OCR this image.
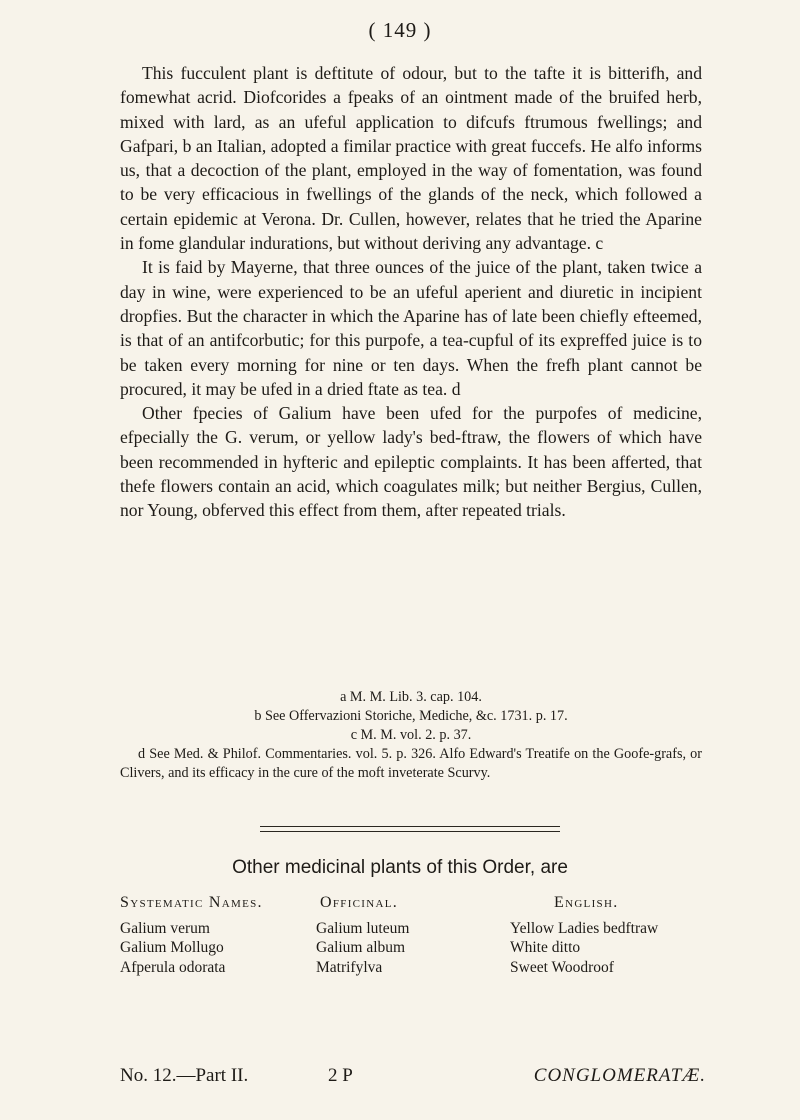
( 149 )

This fucculent plant is deftitute of odour, but to the tafte it is bitterifh, and fomewhat acrid. Diofcorides a fpeaks of an ointment made of the bruifed herb, mixed with lard, as an ufeful application to difcufs ftrumous fwellings; and Gafpari, b an Italian, adopted a fimilar practice with great fuccefs. He alfo informs us, that a decoction of the plant, employed in the way of fomentation, was found to be very efficacious in fwellings of the glands of the neck, which followed a certain epidemic at Verona. Dr. Cullen, however, relates that he tried the Aparine in fome glandular indurations, but without deriving any advantage. c

It is faid by Mayerne, that three ounces of the juice of the plant, taken twice a day in wine, were experienced to be an ufeful aperient and diuretic in incipient dropfies. But the character in which the Aparine has of late been chiefly efteemed, is that of an antifcorbutic; for this purpofe, a tea-cupful of its expreffed juice is to be taken every morning for nine or ten days. When the frefh plant cannot be procured, it may be ufed in a dried ftate as tea. d

Other fpecies of Galium have been ufed for the purpofes of medicine, efpecially the G. verum, or yellow lady's bed-ftraw, the flowers of which have been recommended in hyfteric and epileptic complaints. It has been afferted, that thefe flowers contain an acid, which coagulates milk; but neither Bergius, Cullen, nor Young, obferved this effect from them, after repeated trials.

a M. M. Lib. 3. cap. 104.

b See Offervazioni Storiche, Mediche, &c. 1731. p. 17.

c M. M. vol. 2. p. 37.

d See Med. & Philof. Commentaries. vol. 5. p. 326. Alfo Edward's Treatife on the Goofe-grafs, or Clivers, and its efficacy in the cure of the moft inveterate Scurvy.

Other medicinal plants of this Order, are
Systematic Names.
Galium verum
Galium Mollugo
Afperula odorata
Officinal.
Galium luteum
Galium album
Matrifylva
English.
Yellow Ladies bedftraw
White ditto
Sweet Woodroof
No. 12.—Part II.	2 P	CONGLOMERATÆ.
